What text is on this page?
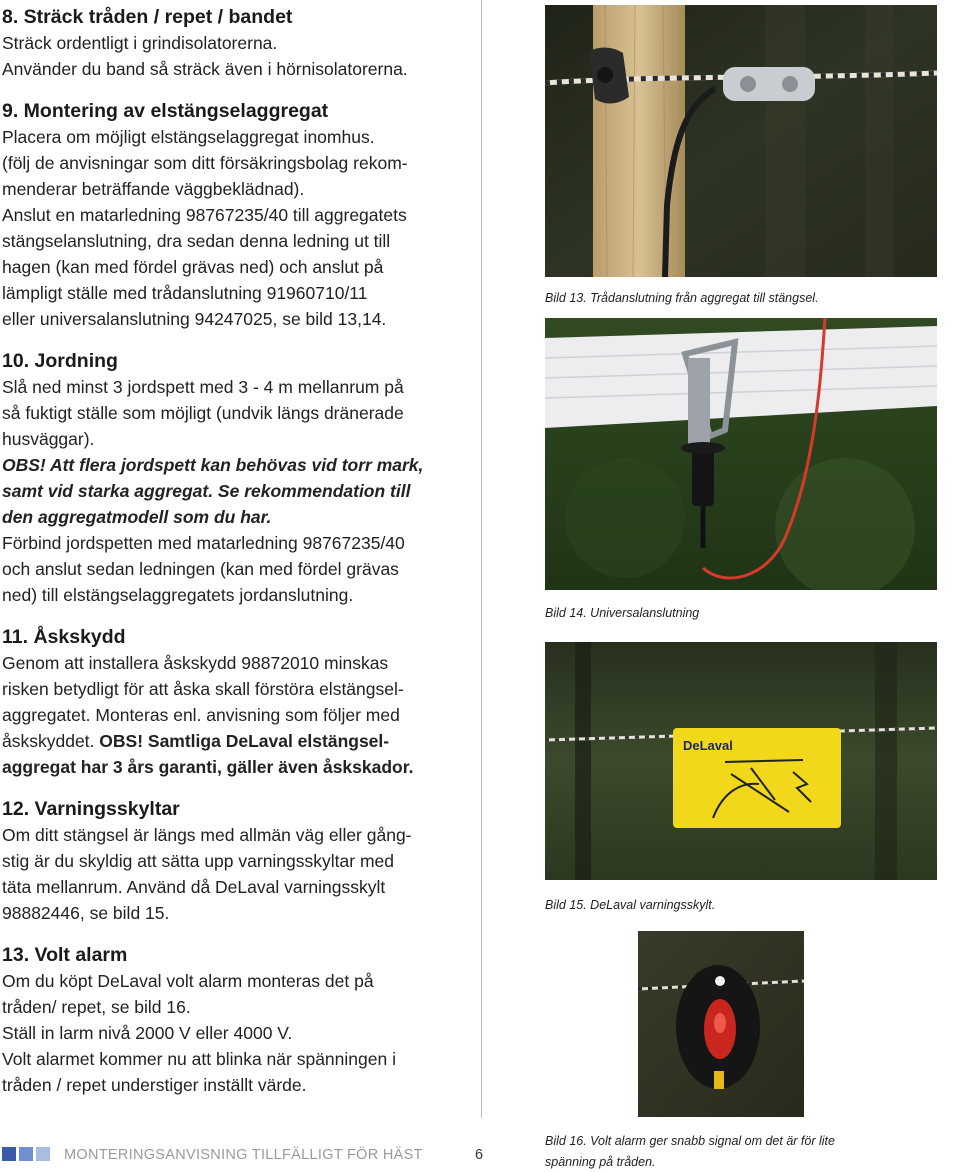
8. Sträck tråden / repet / bandet

Sträck ordentligt i grindisolatorerna.

Använder du band så sträck även i hörnisolatorerna.

9. Montering av elstängselaggregat

Placera om möjligt elstängselaggregat inomhus.

(följ de anvisningar som ditt försäkringsbolag rekom-

menderar beträffande väggbeklädnad).

Anslut en matarledning 98767235/40 till aggregatets

stängselanslutning, dra sedan denna ledning ut till

hagen (kan med fördel grävas ned) och anslut på

lämpligt ställe med trådanslutning 91960710/11

eller universalanslutning 94247025, se bild 13,14.

10. Jordning

Slå ned minst 3 jordspett med 3 - 4 m mellanrum på

så fuktigt ställe som möjligt (undvik längs dränerade

husväggar).

OBS! Att flera jordspett kan behövas vid torr mark,

samt vid starka aggregat. Se rekommendation till

den aggregatmodell som du har.

Förbind jordspetten med matarledning 98767235/40

och anslut sedan ledningen (kan med fördel grävas

ned) till elstängselaggregatets jordanslutning.

11. Åskskydd

Genom att installera åskskydd 98872010 minskas

risken betydligt för att åska skall förstöra elstängsel-

aggregatet. Monteras enl. anvisning som följer med

åskskyddet. OBS! Samtliga DeLaval elstängsel-

aggregat har 3 års garanti, gäller även åskskador.

12. Varningsskyltar

Om ditt stängsel är längs med allmän väg eller gång-

stig är du skyldig att sätta upp varningsskyltar med

täta mellanrum. Använd då DeLaval varningsskylt

98882446, se bild 15.

13. Volt alarm

Om du köpt DeLaval volt alarm monteras det på

tråden/ repet, se bild 16.

Ställ in larm nivå 2000 V eller 4000 V.

Volt alarmet kommer nu att blinka när spänningen i

tråden / repet understiger inställt värde.

Bild 13. Trådanslutning från aggregat till stängsel.
Bild 14. Universalanslutning
DeLaval
Bild 15. DeLaval varningsskylt.
Bild 16. Volt alarm ger snabb signal om det är för lite
spänning på tråden.
MONTERINGSANVISNING TILLFÄLLIGT FÖR HÄST	6
